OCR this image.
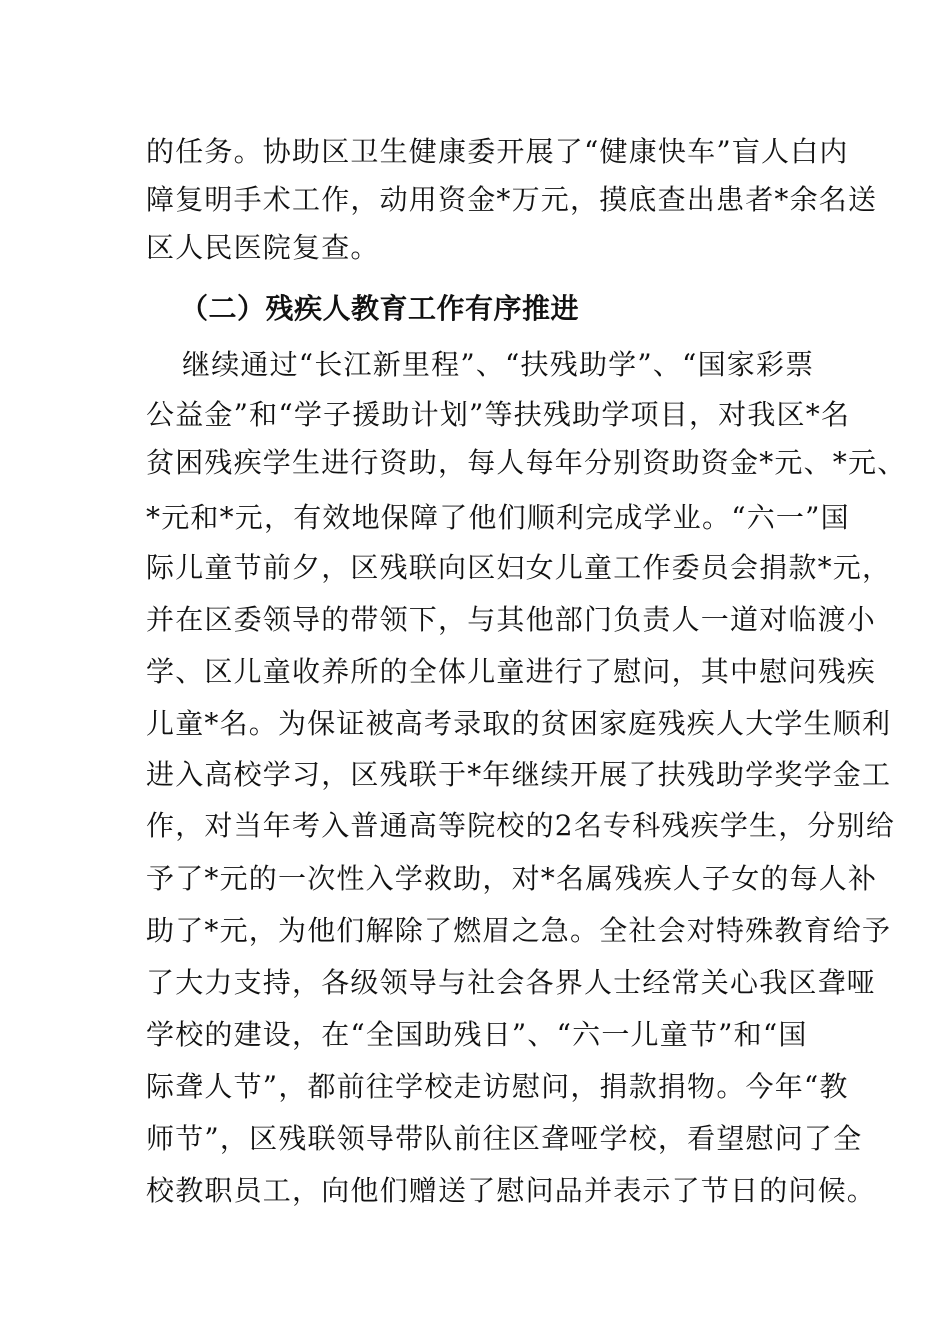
的任务。协助区卫生健康委开展了“健康快车”盲人白内
障复明手术工作，动用资金*万元，摸底查出患者*余名送
区人民医院复查。
（二）残疾人教育工作有序推进
继续通过“长江新里程”、“扶残助学”、“国家彩票
公益金”和“学子援助计划”等扶残助学项目，对我区*名
贫困残疾学生进行资助，每人每年分别资助资金*元、*元、
*元和*元，有效地保障了他们顺利完成学业。“六一”国
际儿童节前夕，区残联向区妇女儿童工作委员会捐款*元，
并在区委领导的带领下，与其他部门负责人一道对临渡小
学、区儿童收养所的全体儿童进行了慰问，其中慰问残疾
儿童*名。为保证被高考录取的贫困家庭残疾人大学生顺利
进入高校学习，区残联于*年继续开展了扶残助学奖学金工
作，对当年考入普通高等院校的2名专科残疾学生，分别给
予了*元的一次性入学救助，对*名属残疾人子女的每人补
助了*元，为他们解除了燃眉之急。全社会对特殊教育给予
了大力支持，各级领导与社会各界人士经常关心我区聋哑
学校的建设，在“全国助残日”、“六一儿童节”和“国
际聋人节”，都前往学校走访慰问，捐款捐物。今年“教
师节”，区残联领导带队前往区聋哑学校，看望慰问了全
校教职员工，向他们赠送了慰问品并表示了节日的问候。
